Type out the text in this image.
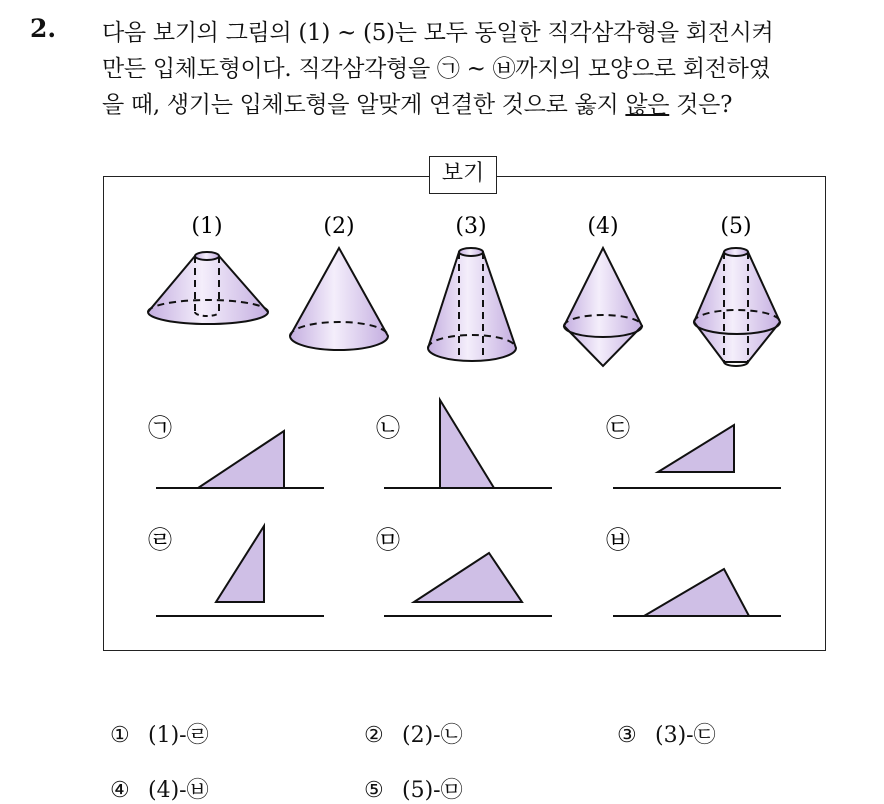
2. 다음 보기의 그림의 (1) ~ (5)는 모두 동일한 직각삼각형을 회전시켜
만든 입체도형이다. 직각삼각형을 ㉠ ~ ㉥까지의 모양으로 회전하였
을 때, 생기는 입체도형을 알맞게 연결한 것으로 옳지 않은 것은?
(1)	(2)	(3)	(4)	(5)
㉠	㉡	㉢
㉣	㉤	㉥
보기
① (1)-㉣	② (2)-㉡	③ (3)-㉢
④ (4)-㉥	⑤ (5)-㉤
